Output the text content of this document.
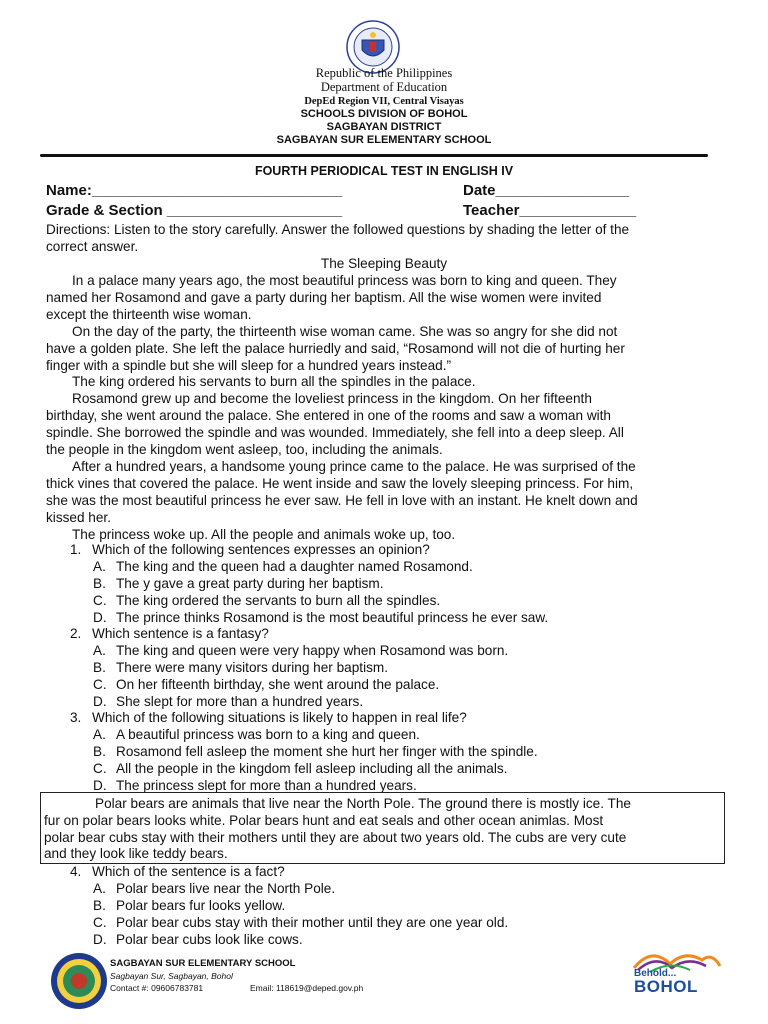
Republic of the Philippines
Department of Education
DepEd Region VII, Central Visayas
SCHOOLS DIVISION OF BOHOL
SAGBAYAN DISTRICT
SAGBAYAN SUR ELEMENTARY SCHOOL
FOURTH PERIODICAL TEST IN ENGLISH IV
Name:______________________________	Date________________
Grade & Section _____________________	Teacher______________
Directions: Listen to the story carefully. Answer the followed questions by shading the letter of the
correct answer.
The Sleeping Beauty
In a palace many years ago, the most beautiful princess was born to king and queen. They
named her Rosamond and gave a party during her baptism. All the wise women were invited
except the thirteenth wise woman.
On the day of the party, the thirteenth wise woman came. She was so angry for she did not
have a golden plate. She left the palace hurriedly and said, “Rosamond will not die of hurting her
finger with a spindle but she will sleep for a hundred years instead.”
The king ordered his servants to burn all the spindles in the palace.
Rosamond grew up and become the loveliest princess in the kingdom. On her fifteenth
birthday, she went around the palace. She entered in one of the rooms and saw a woman with
spindle. She borrowed the spindle and was wounded. Immediately, she fell into a deep sleep. All
the people in the kingdom went asleep, too, including the animals.
After a hundred years, a handsome young prince came to the palace. He was surprised of the
thick vines that covered the palace. He went inside and saw the lovely sleeping princess. For him,
she was the most beautiful princess he ever saw. He fell in love with an instant. He knelt down and
kissed her.
The princess woke up. All the people and animals woke up, too.
1. Which of the following sentences expresses an opinion?
A. The king and the queen had a daughter named Rosamond.
B. The y gave a great party during her baptism.
C. The king ordered the servants to burn all the spindles.
D. The prince thinks Rosamond is the most beautiful princess he ever saw.
2. Which sentence is a fantasy?
A. The king and queen were very happy when Rosamond was born.
B. There were many visitors during her baptism.
C. On her fifteenth birthday, she went around the palace.
D. She slept for more than a hundred years.
3. Which of the following situations is likely to happen in real life?
A. A beautiful princess was born to a king and queen.
B. Rosamond fell asleep the moment she hurt her finger with the spindle.
C. All the people in the kingdom fell asleep including all the animals.
D. The princess slept for more than a hundred years.
4. Which of the sentence is a fact?
A. Polar bears live near the North Pole.
B. Polar bears fur looks yellow.
C. Polar bear cubs stay with their mother until they are one year old.
D. Polar bear cubs look like cows.
Polar bears are animals that live near the North Pole. The ground there is mostly ice. The
fur on polar bears looks white. Polar bears hunt and eat seals and other ocean animlas. Most
polar bear cubs stay with their mothers until they are about two years old. The cubs are very cute
and they look like teddy bears.
SAGBAYAN SUR ELEMENTARY SCHOOL
Sagbayan Sur, Sagbayan, Bohol
Contact #: 09606783781	Email: 118619@deped.gov.ph
Behold...
BOHOL
